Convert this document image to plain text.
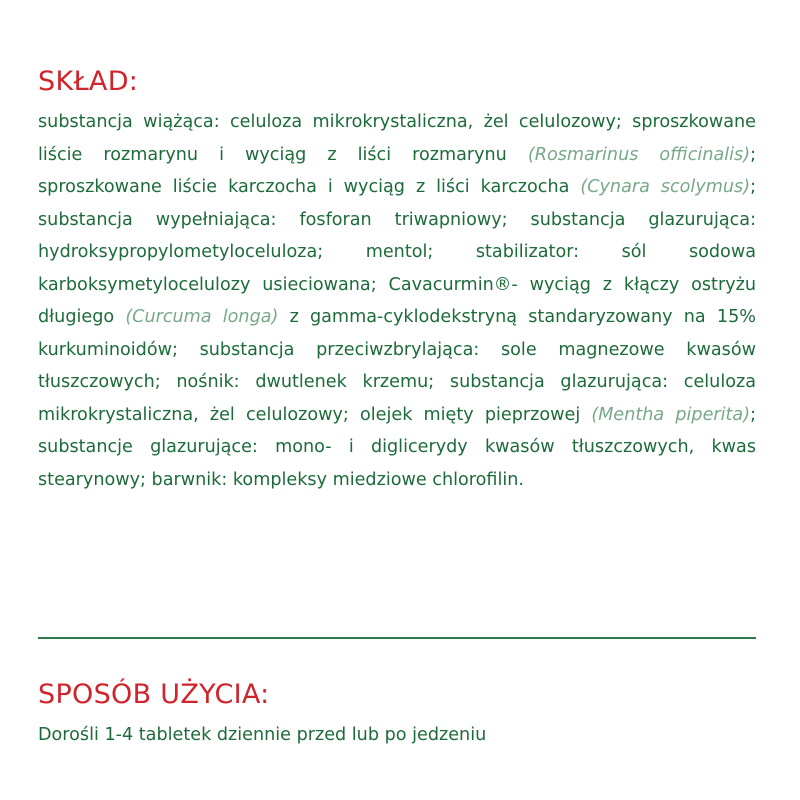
SKŁAD:

substancja wiążąca: celuloza mikrokrystaliczna, żel celulozowy; sproszkowane liście rozmarynu i wyciąg z liści rozmarynu (Rosmarinus officinalis); sproszkowane liście karczocha i wyciąg z liści karczocha (Cynara scolymus); substancja wypełniająca: fosforan triwapniowy; substancja glazurująca: hydroksypropylometyloceluloza; mentol; stabilizator: sól sodowa karboksymetylocelulozy usieciowana; Cavacurmin®- wyciąg z kłączy ostryżu długiego (Curcuma longa) z gamma-cyklodekstryną standaryzowany na 15% kurkuminoidów; substancja przeciwzbrylająca: sole magnezowe kwasów tłuszczowych; nośnik: dwutlenek krzemu; substancja glazurująca: celuloza mikrokrystaliczna, żel celulozowy; olejek mięty pieprzowej (Mentha piperita); substancje glazurujące: mono- i diglicerydy kwasów tłuszczowych, kwas stearynowy; barwnik: kompleksy miedziowe chlorofilin.

SPOSÓB UŻYCIA:

Dorośli 1-4 tabletek dziennie przed lub po jedzeniu
